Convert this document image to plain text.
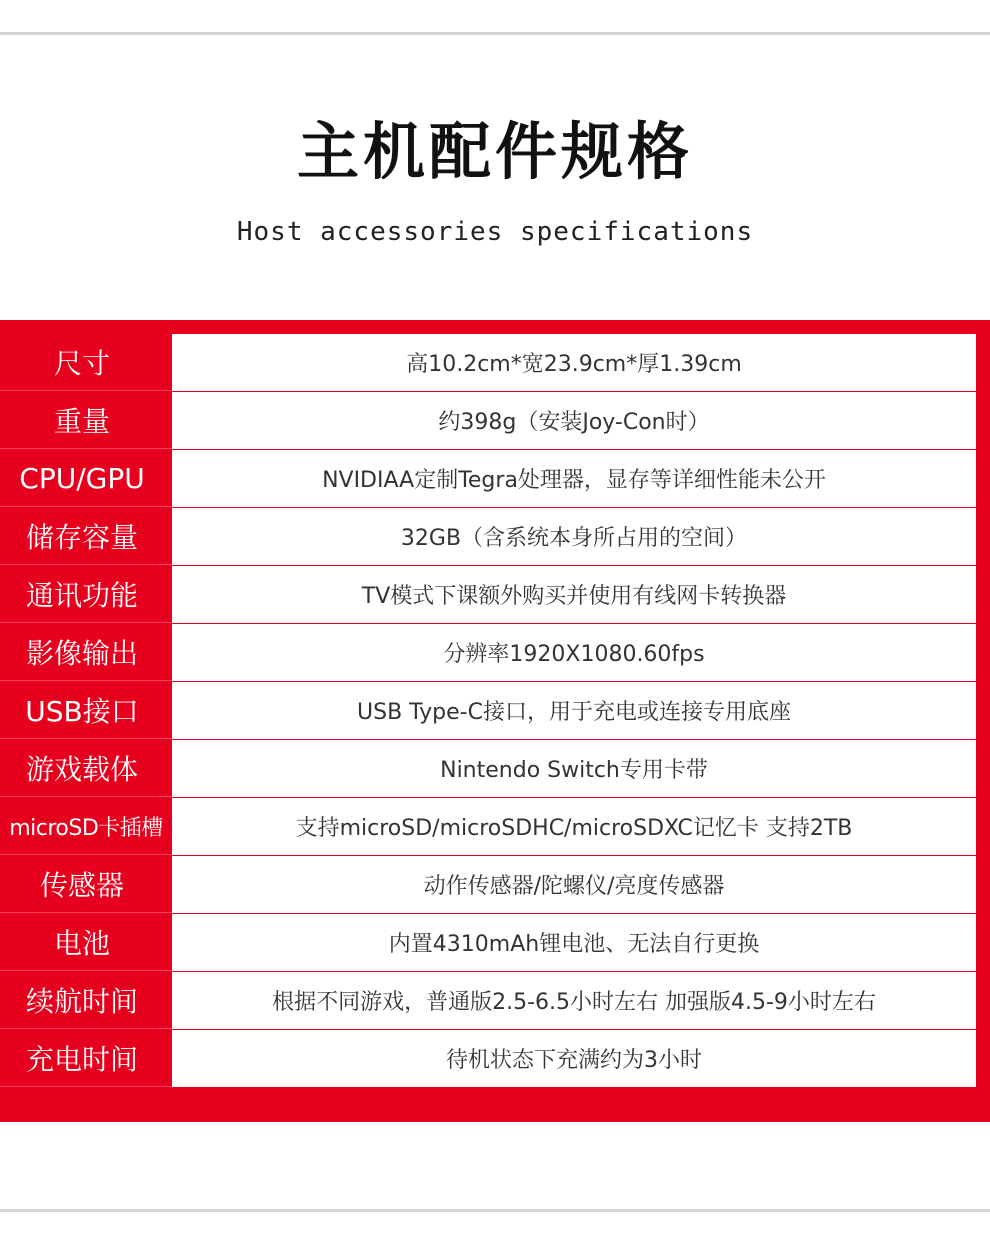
主机配件规格
Host accessories specifications
尺寸	高10.2cm*宽23.9cm*厚1.39cm
重量	约398g（安装Joy-Con时）
CPU/GPU	NVIDIAA定制Tegra处理器，显存等详细性能未公开
储存容量	32GB（含系统本身所占用的空间）
通讯功能	TV模式下课额外购买并使用有线网卡转换器
影像输出	分辨率1920X1080.60fps
USB接口	USB Type-C接口，用于充电或连接专用底座
游戏载体	Nintendo Switch专用卡带
microSD卡插槽	支持microSD/microSDHC/microSDXC记忆卡 支持2TB
传感器	动作传感器/陀螺仪/亮度传感器
电池	内置4310mAh锂电池、无法自行更换
续航时间	根据不同游戏，普通版2.5-6.5小时左右 加强版4.5-9小时左右
充电时间	待机状态下充满约为3小时
